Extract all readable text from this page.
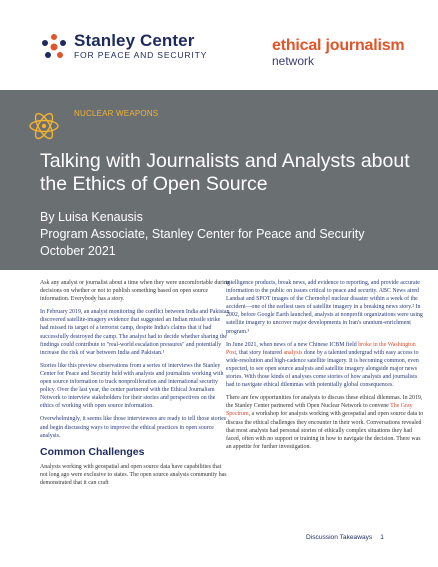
Stanley Center
FOR PEACE AND SECURITY
ethical journalism
network
NUCLEAR WEAPONS
Talking with Journalists and Analysts about the Ethics of Open Source
By Luisa Kenausis
Program Associate, Stanley Center for Peace and Security
October 2021

Ask any analyst or journalist about a time when they were uncomfortable during decisions on whether or not to publish something based on open source information. Everybody has a story.

In February 2019, an analyst monitoring the conflict between India and Pakistan discovered satellite-imagery evidence that suggested an Indian missile strike had missed its target of a terrorist camp, despite India's claims that it had successfully destroyed the camp. The analyst had to decide whether sharing the findings could contribute to "real-world escalation pressures" and potentially increase the risk of war between India and Pakistan.¹

Stories like this preview observations from a series of interviews the Stanley Center for Peace and Security held with analysts and journalists working with open source information to track nonproliferation and international security policy. Over the last year, the center partnered with the Ethical Journalism Network to interview stakeholders for their stories and perspectives on the ethics of working with open source information.

Overwhelmingly, it seems like those interviewees are ready to tell those stories and begin discussing ways to improve the ethical practices in open source analysis.

Common Challenges

Analysts working with geospatial and open source data have capabilities that not long ago were exclusive to states. The open source analysis community has demonstrated that it can craft

intelligence products, break news, add evidence to reporting, and provide accurate information to the public on issues critical to peace and security. ABC News aired Landsat and SPOT images of the Chernobyl nuclear disaster within a week of the accident—one of the earliest uses of satellite imagery in a breaking news story.² In 2002, before Google Earth launched, analysts at nonprofit organizations were using satellite imagery to uncover major developments in Iran's uranium-enrichment program.³

In June 2021, when news of a new Chinese ICBM field broke in the Washington Post, that story featured analysis done by a talented undergrad with easy access to wide-resolution and high-cadence satellite imagery. It is becoming common, even expected, to see open source analysis and satellite imagery alongside major news stories. With those kinds of analyses come stories of how analysts and journalists had to navigate ethical dilemmas with potentially global consequences.

There are few opportunities for analysts to discuss these ethical dilemmas. In 2019, the Stanley Center partnered with Open Nuclear Network to convene The Gray Spectrum, a workshop for analysts working with geospatial and open source data to discuss the ethical challenges they encounter in their work. Conversations revealed that most analysts had personal stories of ethically complex situations they had faced, often with no support or training in how to navigate the decision. There was an appetite for further investigation.

Discussion Takeaways 1
